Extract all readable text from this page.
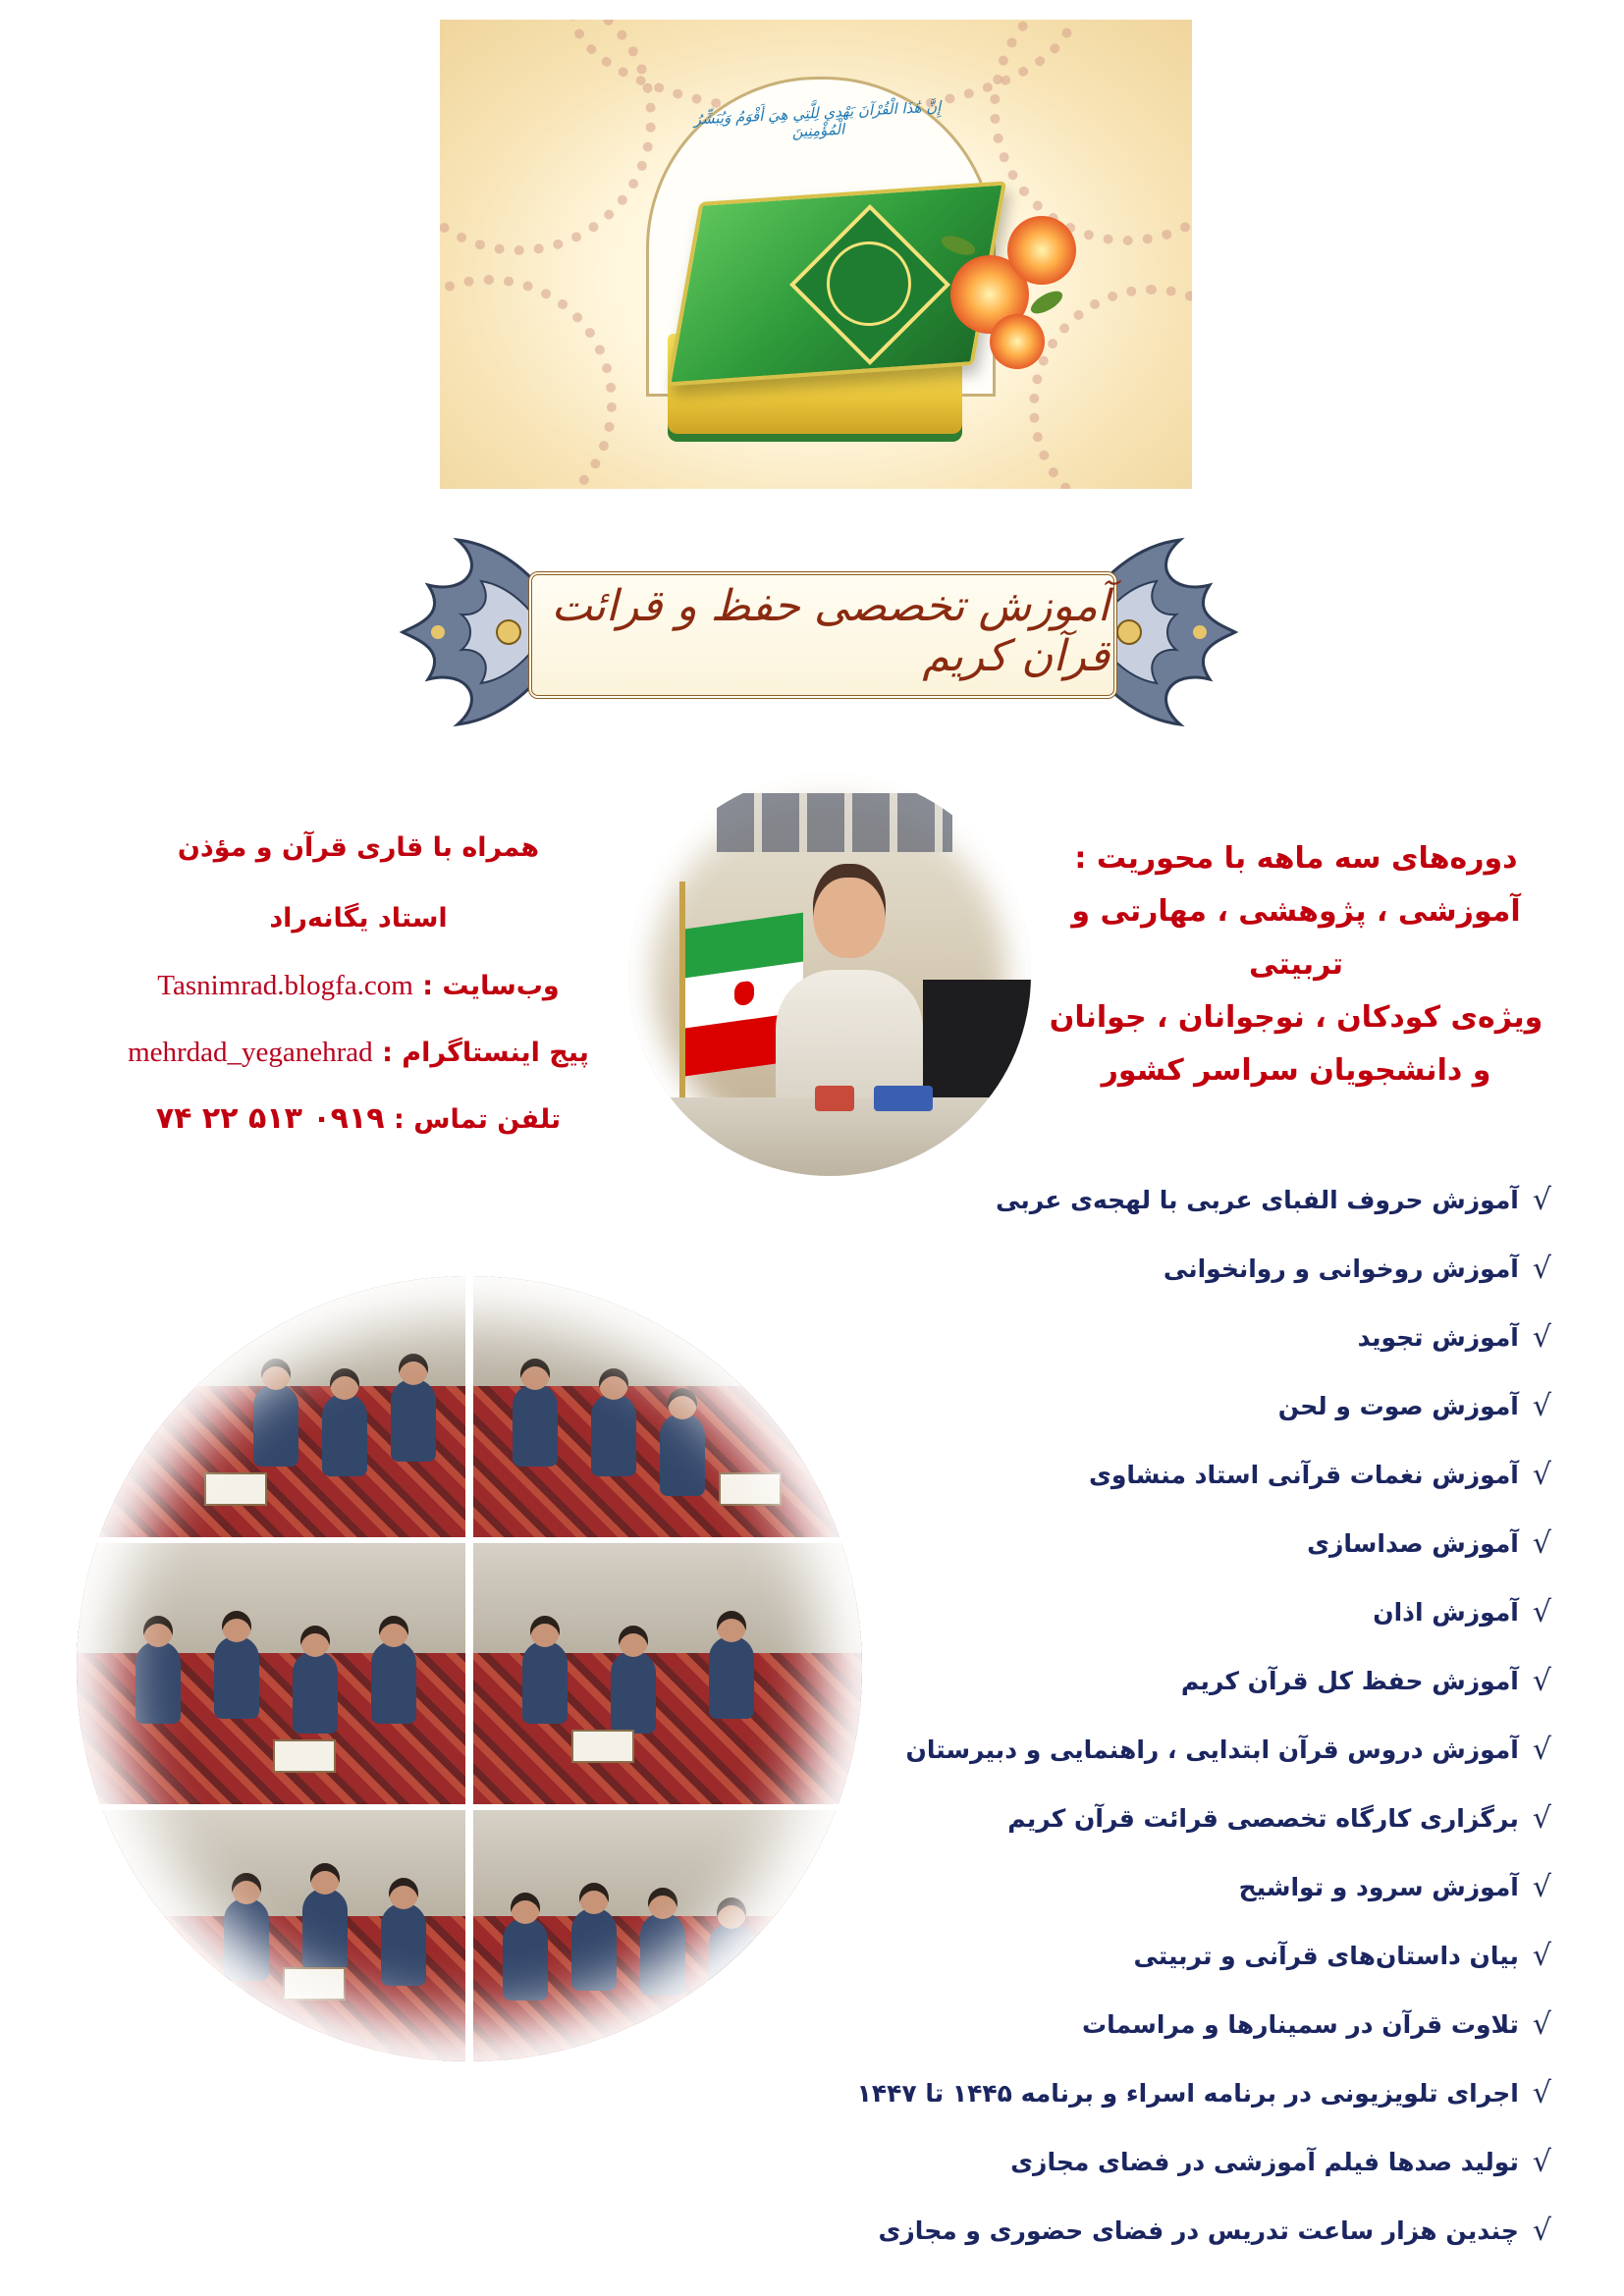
إِنَّ هَٰذَا الْقُرْآنَ يَهْدِي لِلَّتِي هِيَ أَقْوَمُ وَيُبَشِّرُ الْمُؤْمِنِينَ
آموزش تخصصی حفظ و قرائت قرآن کریم
همراه با قاری قرآن و مؤذن
استاد یگانه‌راد
وب‌سایت : Tasnimrad.blogfa.com
پیج اینستاگرام : mehrdad_yeganehrad
تلفن تماس : ۰۹۱۹ ۵۱۳ ۲۲ ۷۴
دوره‌های سه ماهه با محوریت :
آموزشی ، پژوهشی ، مهارتی و تربیتی
ویژه‌ی کودکان ، نوجوانان ، جوانان
و دانشجویان سراسر کشور
√
آموزش حروف الفبای عربی با لهجه‌ی عربی
√
آموزش روخوانی و روانخوانی
√
آموزش تجوید
√
آموزش صوت و لحن
√
آموزش نغمات قرآنی استاد منشاوی
√
آموزش صداسازی
√
آموزش اذان
√
آموزش حفظ کل قرآن کریم
√
آموزش دروس قرآن ابتدایی ، راهنمایی و دبیرستان
√
برگزاری کارگاه تخصصی قرائت قرآن کریم
√
آموزش سرود و تواشیح
√
بیان داستان‌های قرآنی و تربیتی
√
تلاوت قرآن در سمینارها و مراسمات
√
اجرای تلویزیونی در برنامه اسراء و برنامه ۱۴۴۵ تا ۱۴۴۷
√
تولید صدها فیلم آموزشی در فضای مجازی
√
چندین هزار ساعت تدریس در فضای حضوری و مجازی
